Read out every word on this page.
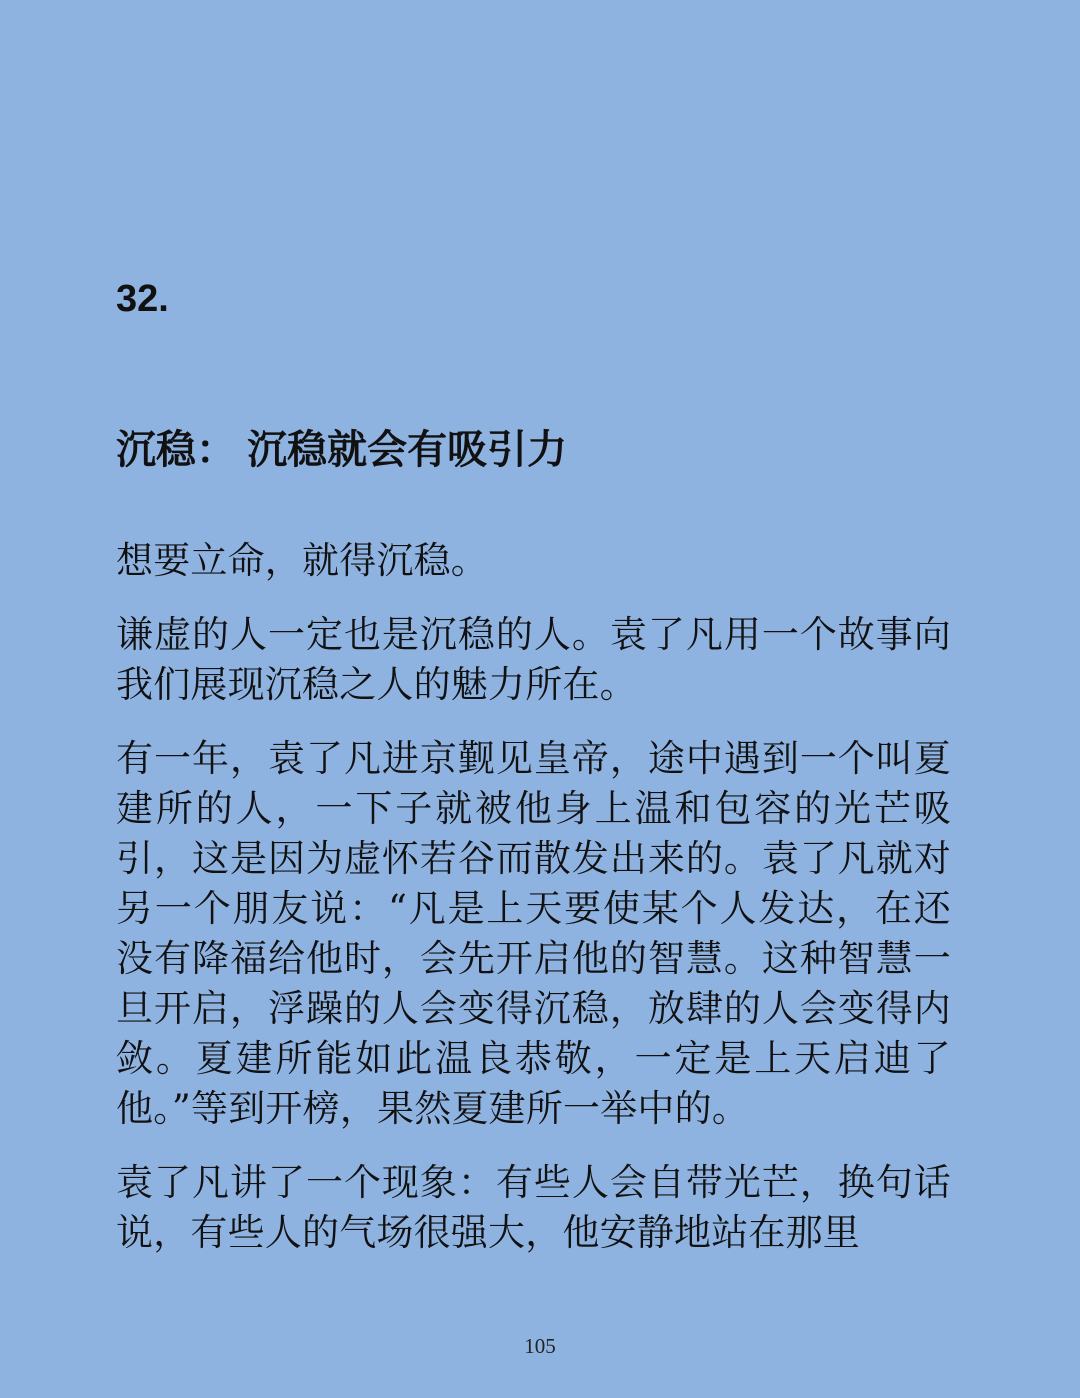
32.
沉稳： 沉稳就会有吸引力

想要立命，就得沉稳。

谦虚的人一定也是沉稳的人。袁了凡用一个故事向我们展现沉稳之人的魅力所在。

有一年，袁了凡进京觐见皇帝，途中遇到一个叫夏建所的人，一下子就被他身上温和包容的光芒吸引，这是因为虚怀若谷而散发出来的。袁了凡就对另一个朋友说：“凡是上天要使某个人发达，在还没有降福给他时，会先开启他的智慧。这种智慧一旦开启，浮躁的人会变得沉稳，放肆的人会变得内敛。夏建所能如此温良恭敬，一定是上天启迪了他。”等到开榜，果然夏建所一举中的。

袁了凡讲了一个现象：有些人会自带光芒，换句话说，有些人的气场很强大，他安静地站在那里

105
